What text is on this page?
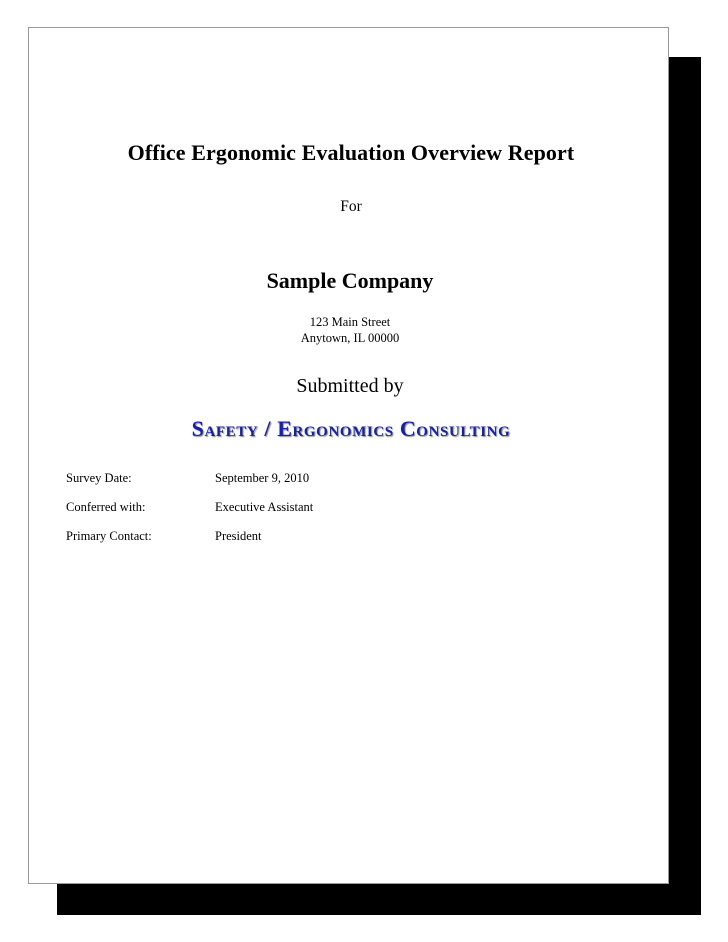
Office Ergonomic Evaluation Overview Report
For
Sample Company
123 Main Street
Anytown, IL 00000
Submitted by
Safety / Ergonomics Consulting
Survey Date:	September 9, 2010
Conferred with:	Executive Assistant
Primary Contact:	President
